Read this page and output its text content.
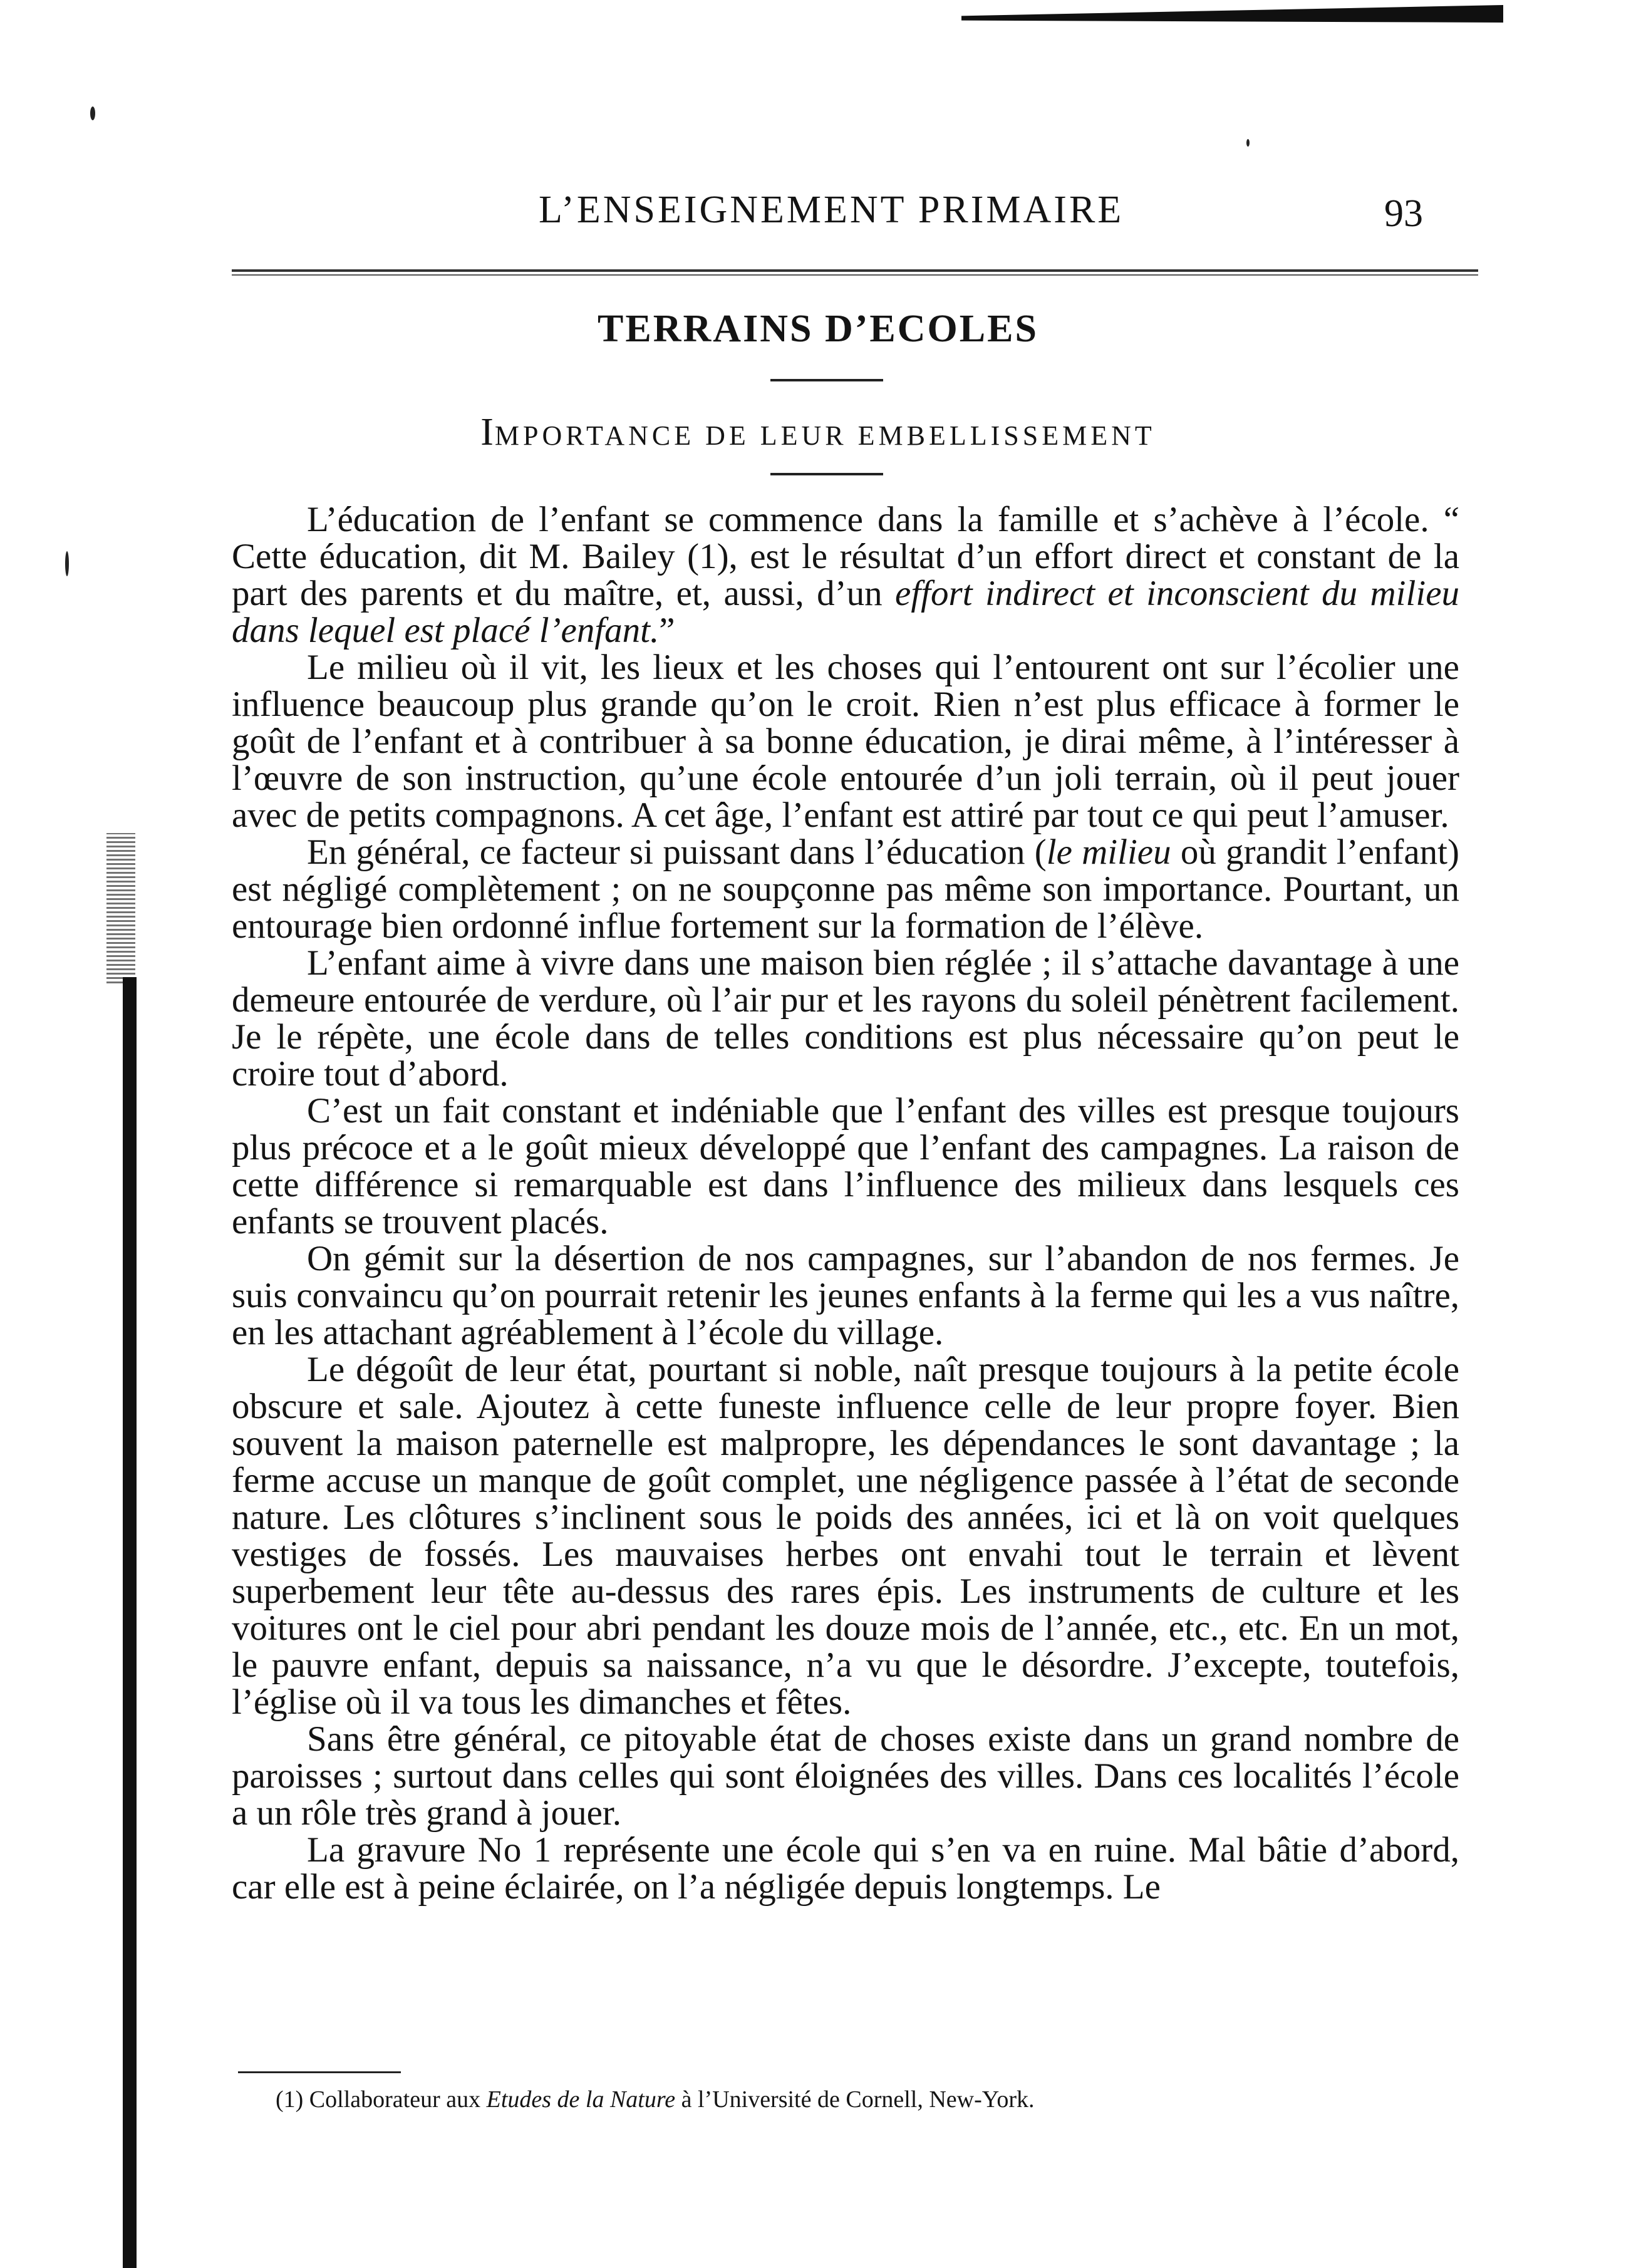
L’ENSEIGNEMENT PRIMAIRE	93
TERRAINS D’ECOLES
IMPORTANCE DE LEUR EMBELLISSEMENT

L’éducation de l’enfant se commence dans la famille et s’achève à l’école. “ Cette éducation, dit M. Bailey (1), est le résultat d’un effort direct et constant de la part des parents et du maître, et, aussi, d’un effort indirect et inconscient du milieu dans lequel est placé l’enfant.”

Le milieu où il vit, les lieux et les choses qui l’entourent ont sur l’écolier une influence beaucoup plus grande qu’on le croit. Rien n’est plus efficace à former le goût de l’enfant et à contribuer à sa bonne éducation, je dirai même, à l’intéresser à l’œuvre de son instruction, qu’une école entourée d’un joli terrain, où il peut jouer avec de petits compagnons. A cet âge, l’enfant est attiré par tout ce qui peut l’amuser.

En général, ce facteur si puissant dans l’éducation (le milieu où grandit l’enfant) est négligé complètement ; on ne soupçonne pas même son importance. Pourtant, un entourage bien ordonné influe fortement sur la formation de l’élève.

L’enfant aime à vivre dans une maison bien réglée ; il s’attache davantage à une demeure entourée de verdure, où l’air pur et les rayons du soleil pénètrent facilement. Je le répète, une école dans de telles conditions est plus nécessaire qu’on peut le croire tout d’abord.

C’est un fait constant et indéniable que l’enfant des villes est presque toujours plus précoce et a le goût mieux développé que l’enfant des campagnes. La raison de cette différence si remarquable est dans l’influence des milieux dans lesquels ces enfants se trouvent placés.

On gémit sur la désertion de nos campagnes, sur l’abandon de nos fermes. Je suis convaincu qu’on pourrait retenir les jeunes enfants à la ferme qui les a vus naître, en les attachant agréablement à l’école du village.

Le dégoût de leur état, pourtant si noble, naît presque toujours à la petite école obscure et sale. Ajoutez à cette funeste influence celle de leur propre foyer. Bien souvent la maison paternelle est malpropre, les dépendances le sont davantage ; la ferme accuse un manque de goût complet, une négligence passée à l’état de seconde nature. Les clôtures s’inclinent sous le poids des années, ici et là on voit quelques vestiges de fossés. Les mauvaises herbes ont envahi tout le terrain et lèvent superbement leur tête au-dessus des rares épis. Les instruments de culture et les voitures ont le ciel pour abri pendant les douze mois de l’année, etc., etc. En un mot, le pauvre enfant, depuis sa naissance, n’a vu que le désordre. J’excepte, toutefois, l’église où il va tous les dimanches et fêtes.

Sans être général, ce pitoyable état de choses existe dans un grand nombre de paroisses ; surtout dans celles qui sont éloignées des villes. Dans ces localités l’école a un rôle très grand à jouer.

La gravure No 1 représente une école qui s’en va en ruine. Mal bâtie d’abord, car elle est à peine éclairée, on l’a négligée depuis longtemps. Le

(1) Collaborateur aux Etudes de la Nature à l’Université de Cornell, New-York.
